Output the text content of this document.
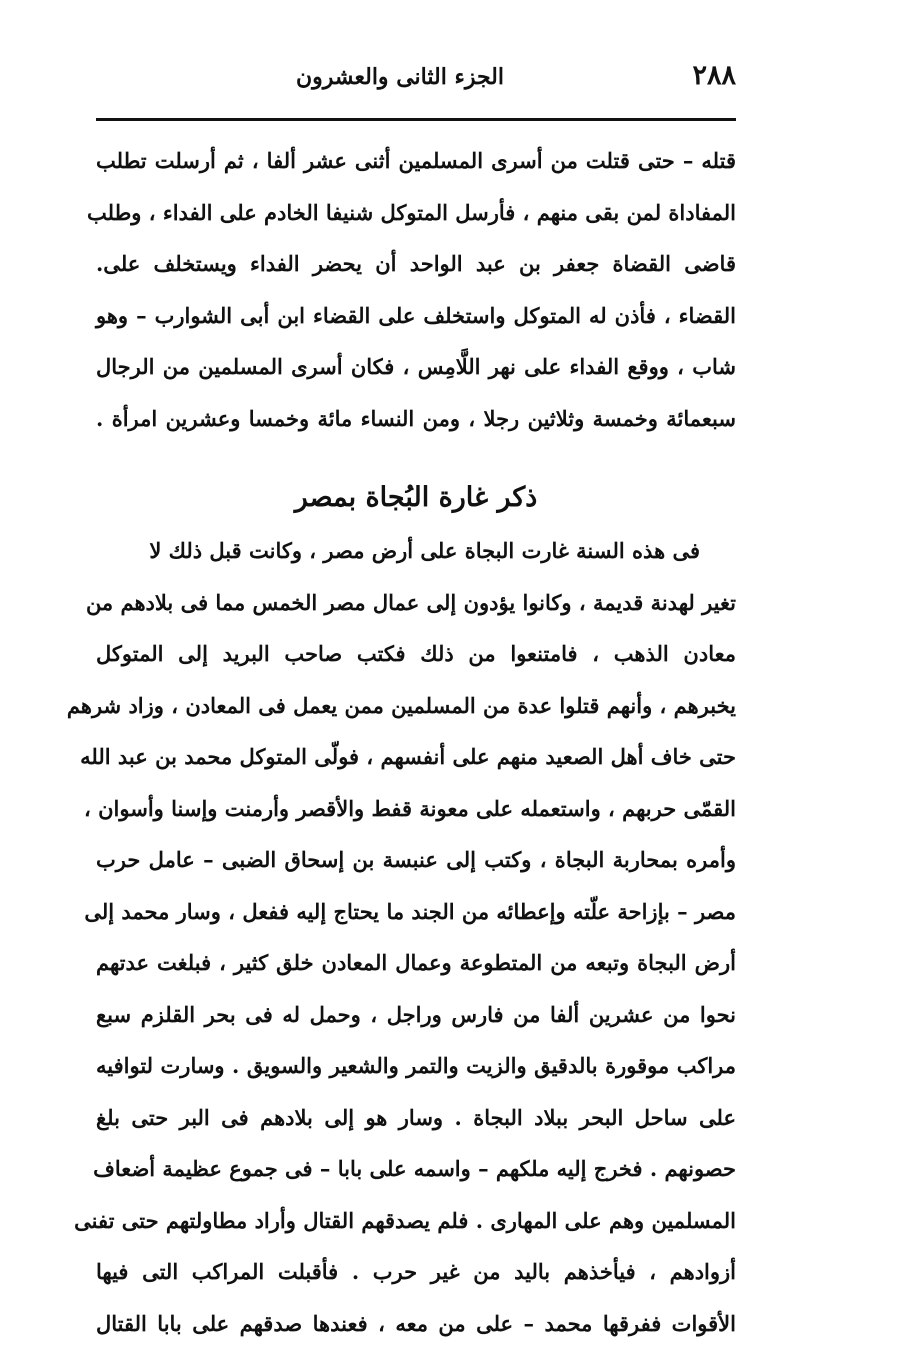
٢٨٨
الجزء الثانى والعشرون
قتله – حتى قتلت من أسرى المسلمين أثنى عشر ألفا ، ثم أرسلت تطلب
المفاداة لمن بقى منهم ، فأرسل المتوكل شنيفا الخادم على الفداء ، وطلب
قاضى القضاة جعفر بن عبد الواحد أن يحضر الفداء ويستخلف على.
القضاء ، فأذن له المتوكل واستخلف على القضاء ابن أبى الشوارب – وهو
شاب ، ووقع الفداء على نهر اللَّامِس ، فكان أسرى المسلمين من الرجال
سبعمائة وخمسة وثلاثين رجلا ، ومن النساء مائة وخمسا وعشرين امرأة .
ذكر غارة البُجاة بمصر
فى هذه السنة غارت البجاة على أرض مصر ، وكانت قبل ذلك لا
تغير لهدنة قديمة ، وكانوا يؤدون إلى عمال مصر الخمس مما فى بلادهم من
معادن الذهب ، فامتنعوا من ذلك فكتب صاحب البريد إلى المتوكل
يخبرهم ، وأنهم قتلوا عدة من المسلمين ممن يعمل فى المعادن ، وزاد شرهم
حتى خاف أهل الصعيد منهم على أنفسهم ، فولّى المتوكل محمد بن عبد الله
القمّى حربهم ، واستعمله على معونة قفط والأقصر وأرمنت وإسنا وأسوان ،
وأمره بمحاربة البجاة ، وكتب إلى عنبسة بن إسحاق الضبى – عامل حرب
مصر – بإزاحة علّته وإعطائه من الجند ما يحتاج إليه ففعل ، وسار محمد إلى
أرض البجاة وتبعه من المتطوعة وعمال المعادن خلق كثير ، فبلغت عدتهم
نحوا من عشرين ألفا من فارس وراجل ، وحمل له فى بحر القلزم سبع
مراكب موقورة بالدقيق والزيت والتمر والشعير والسويق . وسارت لتوافيه
على ساحل البحر ببلاد البجاة . وسار هو إلى بلادهم فى البر حتى بلغ
حصونهم . فخرج إليه ملكهم – واسمه على بابا – فى جموع عظيمة أضعاف
المسلمين وهم على المهارى . فلم يصدقهم القتال وأراد مطاولتهم حتى تفنى
أزوادهم ، فيأخذهم باليد من غير حرب . فأقبلت المراكب التى فيها
الأقوات ففرقها محمد – على من معه ، فعندها صدقهم على بابا القتال
